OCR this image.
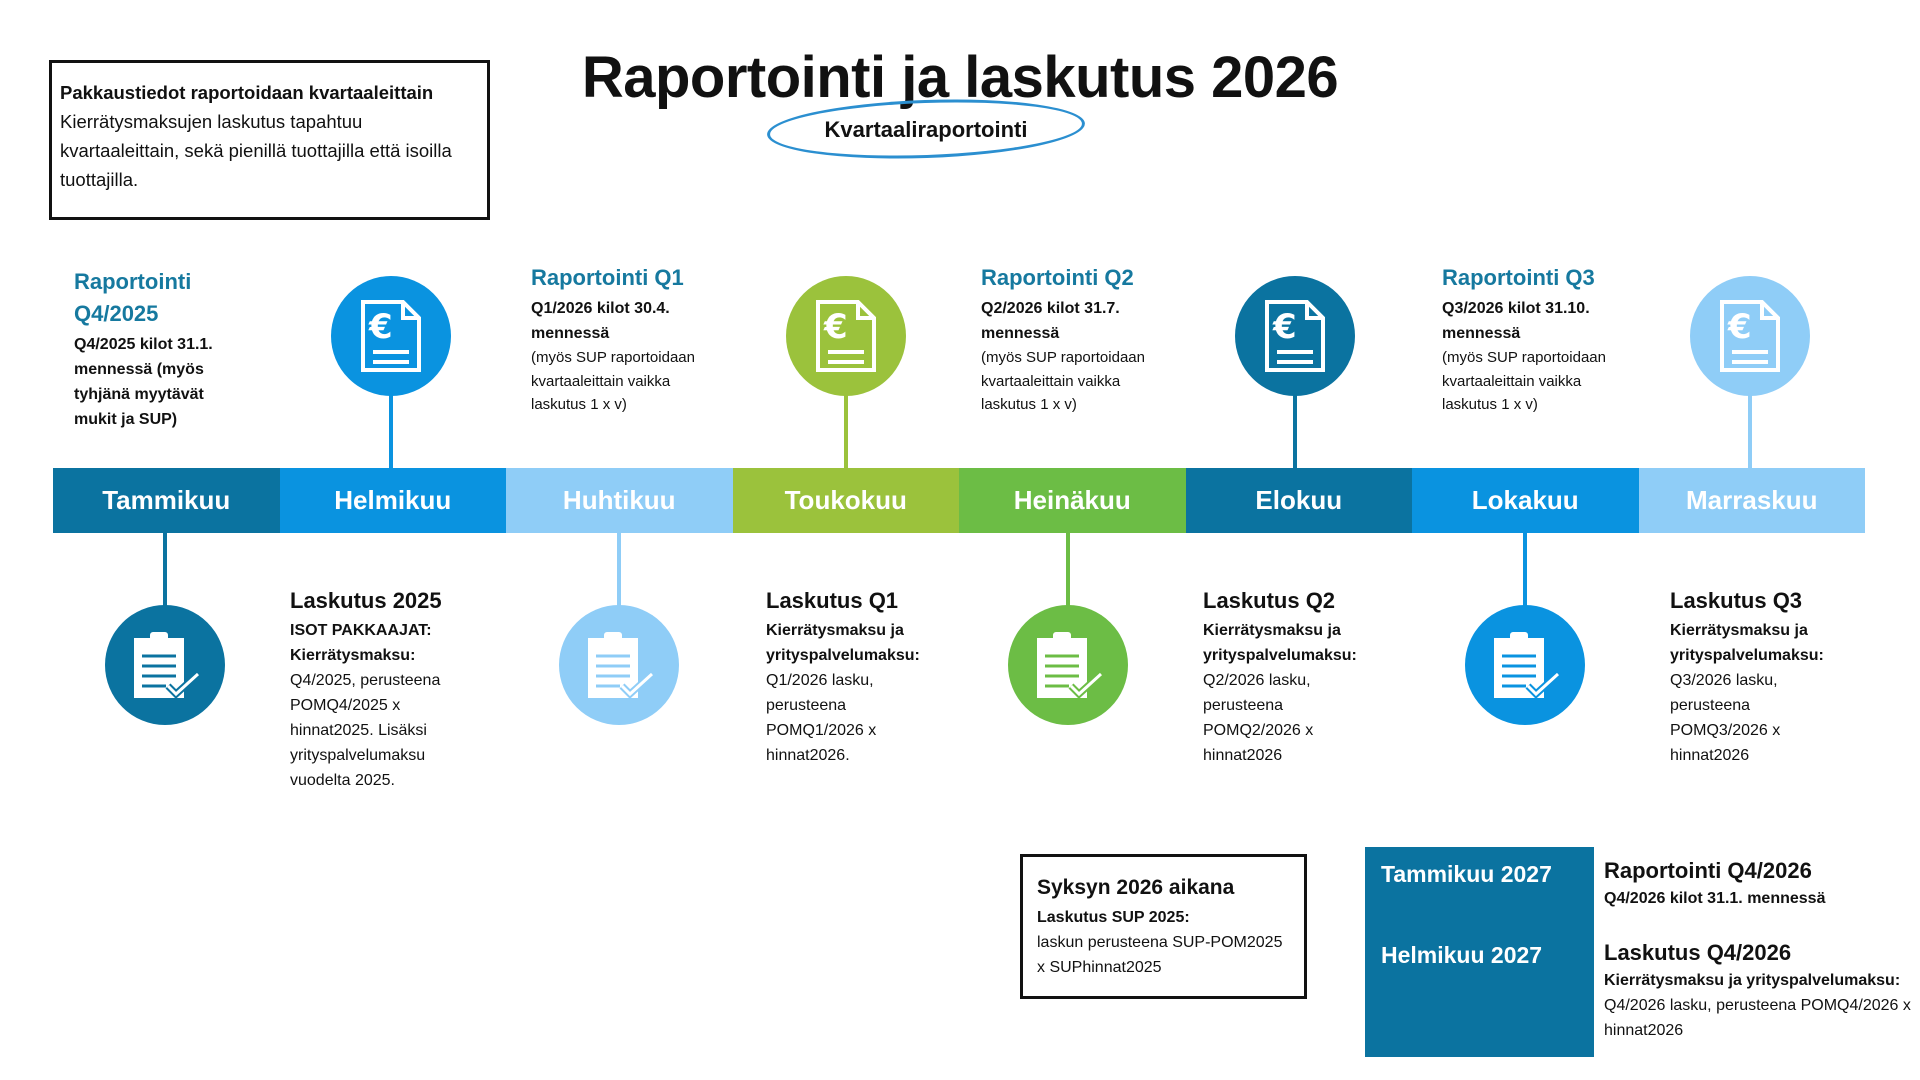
Raportointi ja laskutus 2026
Kvartaaliraportointi
Pakkaustiedot raportoidaan kvartaaleittain
Kierrätysmaksujen laskutus tapahtuu kvartaaleittain, sekä pienillä tuottajilla että isoilla tuottajilla.
Tammikuu	Helmikuu	Huhtikuu	Toukokuu	Heinäkuu	Elokuu	Lokakuu	Marraskuu
€	€	€	€
Raportointi Q4/2025
Q4/2025 kilot 31.1. mennessä (myös tyhjänä myytävät mukit ja SUP)
Raportointi Q1
Q1/2026 kilot 30.4. mennessä
(myös SUP raportoidaan kvartaaleittain vaikka laskutus 1 x v)
Raportointi Q2
Q2/2026 kilot 31.7. mennessä
(myös SUP raportoidaan kvartaaleittain vaikka laskutus 1 x v)
Raportointi Q3
Q3/2026 kilot 31.10. mennessä
(myös SUP raportoidaan kvartaaleittain vaikka laskutus 1 x v)
Laskutus 2025
ISOT PAKKAAJAT: Kierrätysmaksu:
Q4/2025, perusteena POMQ4/2025 x hinnat2025. Lisäksi yrityspalvelumaksu vuodelta 2025.
Laskutus Q1
Kierrätysmaksu ja yrityspalvelumaksu:
Q1/2026 lasku, perusteena POMQ1/2026 x hinnat2026.
Laskutus Q2
Kierrätysmaksu ja yrityspalvelumaksu:
Q2/2026 lasku, perusteena POMQ2/2026 x hinnat2026
Laskutus Q3
Kierrätysmaksu ja yrityspalvelumaksu:
Q3/2026 lasku, perusteena POMQ3/2026 x hinnat2026
Syksyn 2026 aikana
Laskutus SUP 2025:
laskun perusteena SUP-POM2025 x SUPhinnat2025
Tammikuu 2027
Helmikuu 2027
Raportointi Q4/2026
Q4/2026 kilot 31.1. mennessä
Laskutus Q4/2026
Kierrätysmaksu ja yrityspalvelumaksu: Q4/2026 lasku, perusteena POMQ4/2026 x hinnat2026
